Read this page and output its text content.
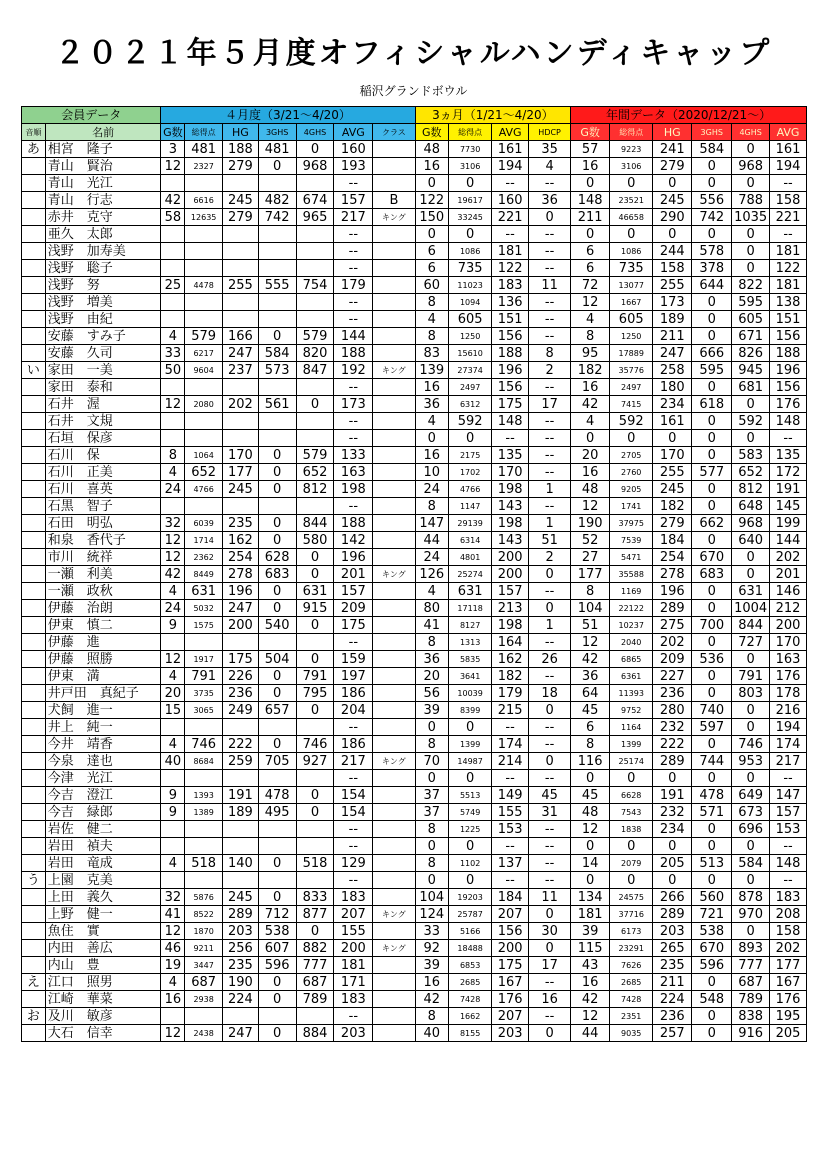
２０２１年５月度オフィシャルハンディキャップ
稲沢グランドボウル
会員データ		４月度（3/21～4/20）							3ヵ月（1/21～4/20）				年間データ（2020/12/21～）					
音順	名前	G数	総得点	HG	3GHS	4GHS	AVG	クラス	G数	総得点	AVG	HDCP	G数	総得点	HG	3GHS	4GHS	AVG
あ	相宮　隆子	3	481	188	481	0	160		48	7730	161	35	57	9223	241	584	0	161
	青山　賢治	12	2327	279	0	968	193		16	3106	194	4	16	3106	279	0	968	194
	青山　光江						--		0	0	--	--	0	0	0	0	0	--
	青山　行志	42	6616	245	482	674	157	B	122	19617	160	36	148	23521	245	556	788	158
	赤井　克守	58	12635	279	742	965	217	キング	150	33245	221	0	211	46658	290	742	1035	221
	亜久　太郎						--		0	0	--	--	0	0	0	0	0	--
	浅野　加寿美						--		6	1086	181	--	6	1086	244	578	0	181
	浅野　聡子						--		6	735	122	--	6	735	158	378	0	122
	浅野　努	25	4478	255	555	754	179		60	11023	183	11	72	13077	255	644	822	181
	浅野　増美						--		8	1094	136	--	12	1667	173	0	595	138
	浅野　由紀						--		4	605	151	--	4	605	189	0	605	151
	安藤　すみ子	4	579	166	0	579	144		8	1250	156	--	8	1250	211	0	671	156
	安藤　久司	33	6217	247	584	820	188		83	15610	188	8	95	17889	247	666	826	188
い	家田　一美	50	9604	237	573	847	192	キング	139	27374	196	2	182	35776	258	595	945	196
	家田　泰和						--		16	2497	156	--	16	2497	180	0	681	156
	石井　渥	12	2080	202	561	0	173		36	6312	175	17	42	7415	234	618	0	176
	石井　文規						--		4	592	148	--	4	592	161	0	592	148
	石垣　保彦						--		0	0	--	--	0	0	0	0	0	--
	石川　保	8	1064	170	0	579	133		16	2175	135	--	20	2705	170	0	583	135
	石川　正美	4	652	177	0	652	163		10	1702	170	--	16	2760	255	577	652	172
	石川　喜英	24	4766	245	0	812	198		24	4766	198	1	48	9205	245	0	812	191
	石黒　智子						--		8	1147	143	--	12	1741	182	0	648	145
	石田　明弘	32	6039	235	0	844	188		147	29139	198	1	190	37975	279	662	968	199
	和泉　香代子	12	1714	162	0	580	142		44	6314	143	51	52	7539	184	0	640	144
	市川　統祥	12	2362	254	628	0	196		24	4801	200	2	27	5471	254	670	0	202
	一瀬　利美	42	8449	278	683	0	201	キング	126	25274	200	0	177	35588	278	683	0	201
	一瀬　政秋	4	631	196	0	631	157		4	631	157	--	8	1169	196	0	631	146
	伊藤　治朗	24	5032	247	0	915	209		80	17118	213	0	104	22122	289	0	1004	212
	伊東　慎二	9	1575	200	540	0	175		41	8127	198	1	51	10237	275	700	844	200
	伊藤　進						--		8	1313	164	--	12	2040	202	0	727	170
	伊藤　照勝	12	1917	175	504	0	159		36	5835	162	26	42	6865	209	536	0	163
	伊東　満	4	791	226	0	791	197		20	3641	182	--	36	6361	227	0	791	176
	井戸田　真紀子	20	3735	236	0	795	186		56	10039	179	18	64	11393	236	0	803	178
	犬飼　進一	15	3065	249	657	0	204		39	8399	215	0	45	9752	280	740	0	216
	井上　純一						--		0	0	--	--	6	1164	232	597	0	194
	今井　靖香	4	746	222	0	746	186		8	1399	174	--	8	1399	222	0	746	174
	今泉　達也	40	8684	259	705	927	217	キング	70	14987	214	0	116	25174	289	744	953	217
	今津　光江						--		0	0	--	--	0	0	0	0	0	--
	今吉　澄江	9	1393	191	478	0	154		37	5513	149	45	45	6628	191	478	649	147
	今吉　緑郎	9	1389	189	495	0	154		37	5749	155	31	48	7543	232	571	673	157
	岩佐　健二						--		8	1225	153	--	12	1838	234	0	696	153
	岩田　禎夫						--		0	0	--	--	0	0	0	0	0	--
	岩田　竜成	4	518	140	0	518	129		8	1102	137	--	14	2079	205	513	584	148
う	上園　克美						--		0	0	--	--	0	0	0	0	0	--
	上田　義久	32	5876	245	0	833	183		104	19203	184	11	134	24575	266	560	878	183
	上野　健一	41	8522	289	712	877	207	キング	124	25787	207	0	181	37716	289	721	970	208
	魚住　實	12	1870	203	538	0	155		33	5166	156	30	39	6173	203	538	0	158
	内田　善広	46	9211	256	607	882	200	キング	92	18488	200	0	115	23291	265	670	893	202
	内山　豊	19	3447	235	596	777	181		39	6853	175	17	43	7626	235	596	777	177
え	江口　照男	4	687	190	0	687	171		16	2685	167	--	16	2685	211	0	687	167
	江崎　華菜	16	2938	224	0	789	183		42	7428	176	16	42	7428	224	548	789	176
お	及川　敏彦						--		8	1662	207	--	12	2351	236	0	838	195
	大石　信幸	12	2438	247	0	884	203		40	8155	203	0	44	9035	257	0	916	205
